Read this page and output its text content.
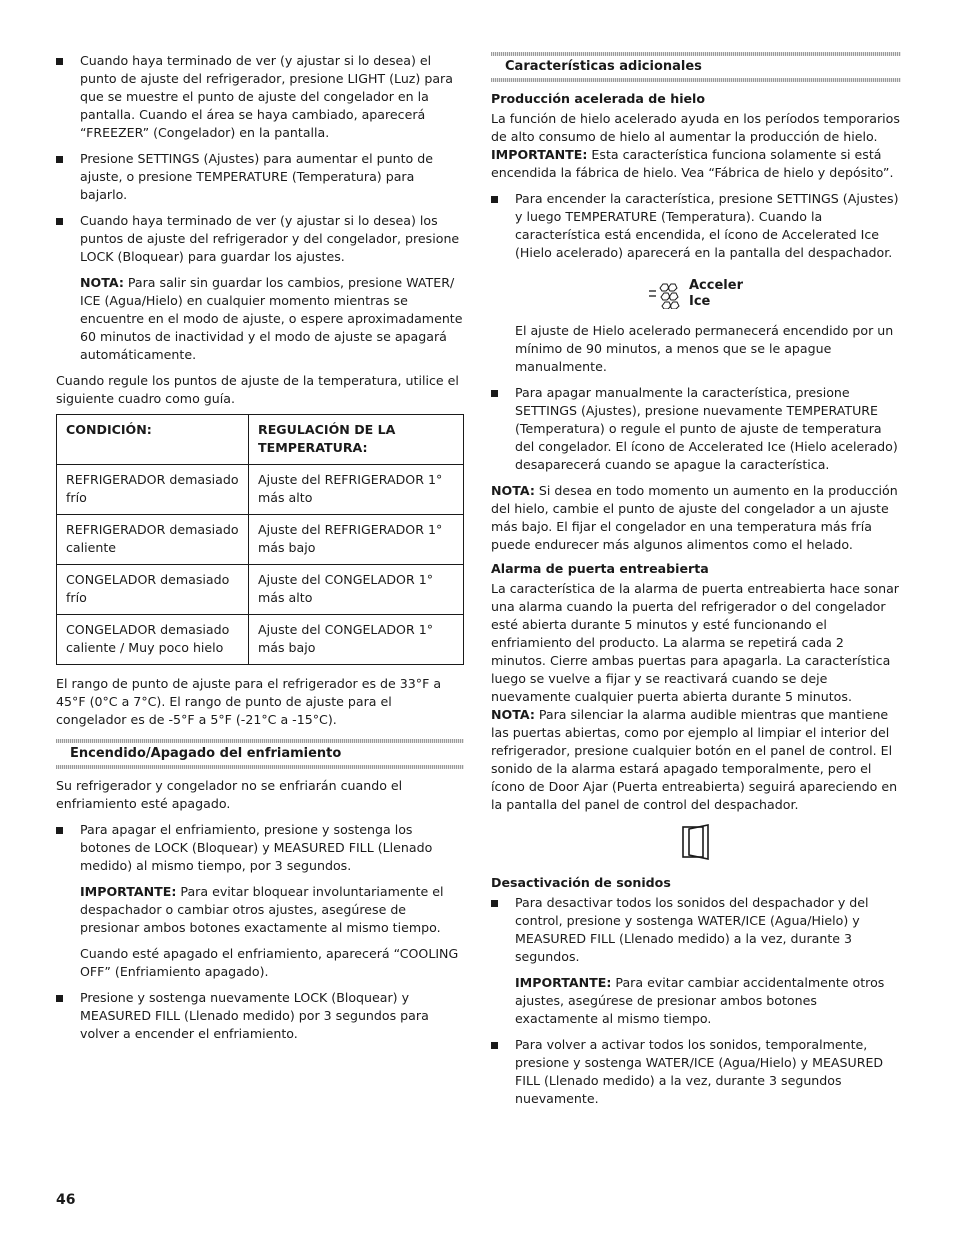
Cuando haya terminado de ver (y ajustar si lo desea) el punto de ajuste del refrigerador, presione LIGHT (Luz) para que se muestre el punto de ajuste del congelador en la pantalla. Cuando el área se haya cambiado, aparecerá “FREEZER” (Congelador) en la pantalla.
Presione SETTINGS (Ajustes) para aumentar el punto de ajuste, o presione TEMPERATURE (Temperatura) para bajarlo.
Cuando haya terminado de ver (y ajustar si lo desea) los puntos de ajuste del refrigerador y del congelador, presione LOCK (Bloquear) para guardar los ajustes.

NOTA: Para salir sin guardar los cambios, presione WATER/ ICE (Agua/Hielo) en cualquier momento mientras se encuentre en el modo de ajuste, o espere aproximadamente 60 minutos de inactividad y el modo de ajuste se apagará automáticamente.

Cuando regule los puntos de ajuste de la temperatura, utilice el siguiente cuadro como guía.

CONDICIÓN:	REGULACIÓN DE LA TEMPERATURA:
REFRIGERADOR demasiado frío	Ajuste del REFRIGERADOR 1° más alto
REFRIGERADOR demasiado caliente	Ajuste del REFRIGERADOR 1° más bajo
CONGELADOR demasiado frío	Ajuste del CONGELADOR 1° más alto
CONGELADOR demasiado caliente / Muy poco hielo	Ajuste del CONGELADOR 1° más bajo

El rango de punto de ajuste para el refrigerador es de 33°F a 45°F (0°C a 7°C). El rango de punto de ajuste para el congelador es de -5°F a 5°F (-21°C a -15°C).

Encendido/Apagado del enfriamiento

Su refrigerador y congelador no se enfriarán cuando el enfriamiento esté apagado.

Para apagar el enfriamiento, presione y sostenga los botones de LOCK (Bloquear) y MEASURED FILL (Llenado medido) al mismo tiempo, por 3 segundos.

IMPORTANTE: Para evitar bloquear involuntariamente el despachador o cambiar otros ajustes, asegúrese de presionar ambos botones exactamente al mismo tiempo.

Cuando esté apagado el enfriamiento, aparecerá “COOLING OFF” (Enfriamiento apagado).

Presione y sostenga nuevamente LOCK (Bloquear) y MEASURED FILL (Llenado medido) por 3 segundos para volver a encender el enfriamiento.
Características adicionales
Producción acelerada de hielo

La función de hielo acelerado ayuda en los períodos temporarios de alto consumo de hielo al aumentar la producción de hielo.

IMPORTANTE: Esta característica funciona solamente si está encendida la fábrica de hielo. Vea “Fábrica de hielo y depósito”.

Para encender la característica, presione SETTINGS (Ajustes) y luego TEMPERATURE (Temperatura). Cuando la característica está encendida, el ícono de Accelerated Ice (Hielo acelerado) aparecerá en la pantalla del despachador.
Acceler
Ice

El ajuste de Hielo acelerado permanecerá encendido por un mínimo de 90 minutos, a menos que se le apague manualmente.

Para apagar manualmente la característica, presione SETTINGS (Ajustes), presione nuevamente TEMPERATURE (Temperatura) o regule el punto de ajuste de temperatura del congelador. El ícono de Accelerated Ice (Hielo acelerado) desaparecerá cuando se apague la característica.

NOTA: Si desea en todo momento un aumento en la producción del hielo, cambie el punto de ajuste del congelador a un ajuste más bajo. El fijar el congelador en una temperatura más fría puede endurecer más algunos alimentos como el helado.

Alarma de puerta entreabierta

La característica de la alarma de puerta entreabierta hace sonar una alarma cuando la puerta del refrigerador o del congelador esté abierta durante 5 minutos y esté funcionando el enfriamiento del producto. La alarma se repetirá cada 2 minutos. Cierre ambas puertas para apagarla. La característica luego se vuelve a fijar y se reactivará cuando se deje nuevamente cualquier puerta abierta durante 5 minutos.

NOTA: Para silenciar la alarma audible mientras que mantiene las puertas abiertas, como por ejemplo al limpiar el interior del refrigerador, presione cualquier botón en el panel de control. El sonido de la alarma estará apagado temporalmente, pero el ícono de Door Ajar (Puerta entreabierta) seguirá apareciendo en la pantalla del panel de control del despachador.

Desactivación de sonidos
Para desactivar todos los sonidos del despachador y del control, presione y sostenga WATER/ICE (Agua/Hielo) y MEASURED FILL (Llenado medido) a la vez, durante 3 segundos.

IMPORTANTE: Para evitar cambiar accidentalmente otros ajustes, asegúrese de presionar ambos botones exactamente al mismo tiempo.

Para volver a activar todos los sonidos, temporalmente, presione y sostenga WATER/ICE (Agua/Hielo) y MEASURED FILL (Llenado medido) a la vez, durante 3 segundos nuevamente.
46
